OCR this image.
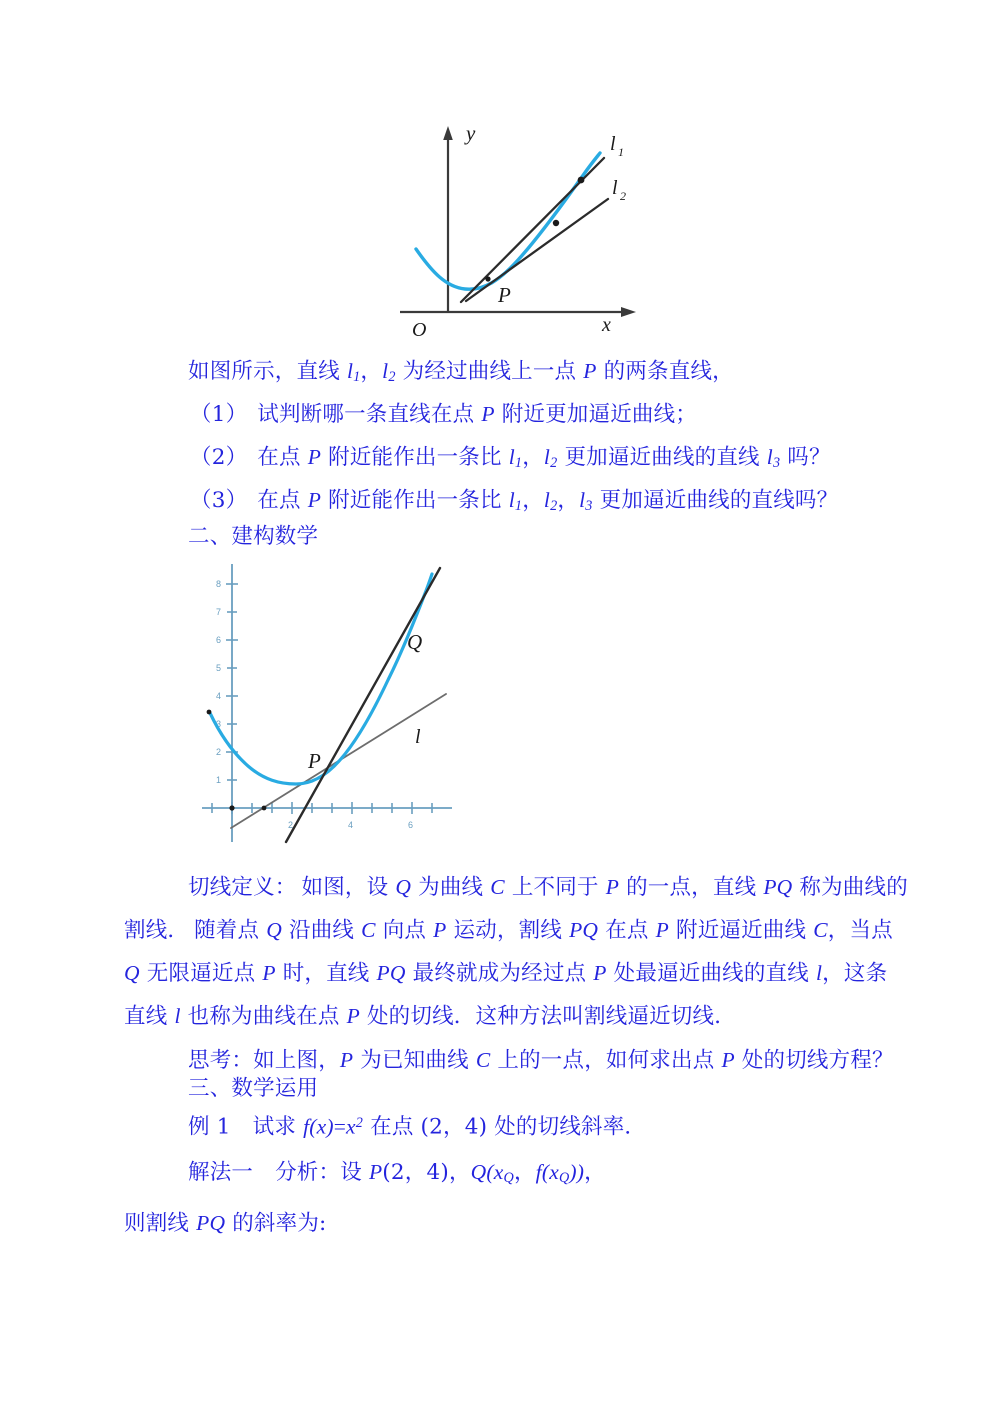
y
x
O
P
l 1
l 2
如图所示，直线 $l_1$，$l_2$ 为经过曲线上一点 P 的两条直线，
（1） 试判断哪一条直线在点 P 附近更加逼近曲线；
（2） 在点 P 附近能作出一条比 $l_1$，$l_2$ 更加逼近曲线的直线 $l_3$ 吗？
（3） 在点 P 附近能作出一条比 $l_1$，$l_2$，$l_3$ 更加逼近曲线的直线吗？
二、建构数学
2	4	6
1
2
3
4
5
6
7
8
P
Q
l
切线定义： 如图，设 Q 为曲线 C 上不同于 P 的一点，直线 PQ 称为曲线的
割线． 随着点 Q 沿曲线 C 向点 P 运动，割线 PQ 在点 P 附近逼近曲线 C，当点
Q 无限逼近点 P 时，直线 PQ 最终就成为经过点 P 处最逼近曲线的直线 l，这条
直线 l 也称为曲线在点 P 处的切线．这种方法叫割线逼近切线．
思考：如上图，P 为已知曲线 C 上的一点，如何求出点 P 处的切线方程？
三、数学运用
例 1 试求 $f(x)=x^2$ 在点 (2，4) 处的切线斜率．
解法一 分析：设 P(2，4)，$Q(x_Q$，$f(x_Q)$)，
则割线 PQ 的斜率为:
